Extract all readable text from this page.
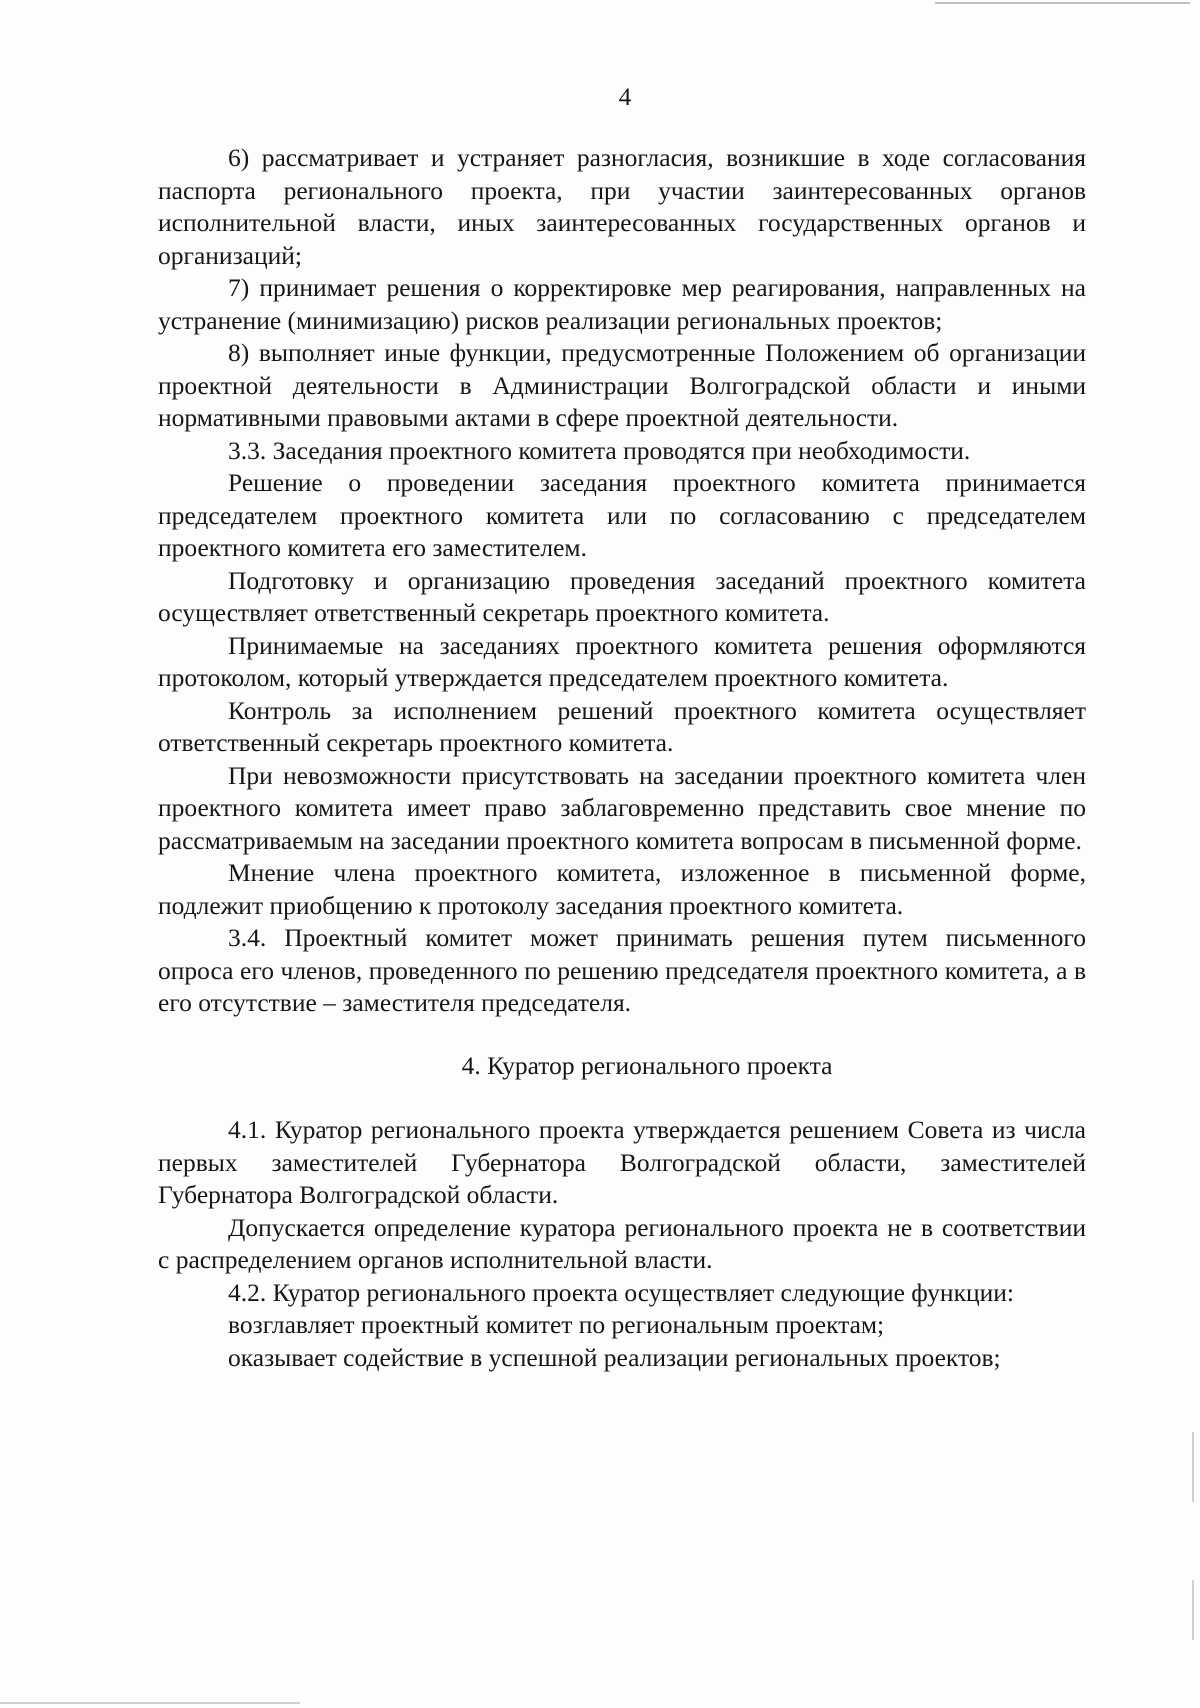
4

6) рассматривает и устраняет разногласия, возникшие в ходе согласования паспорта регионального проекта, при участии заинтересованных органов исполнительной власти, иных заинтересованных государственных органов и организаций;

7) принимает решения о корректировке мер реагирования, направленных на устранение (минимизацию) рисков реализации региональных проектов;

8) выполняет иные функции, предусмотренные Положением об организации проектной деятельности в Администрации Волгоградской области и иными нормативными правовыми актами в сфере проектной деятельности.

3.3. Заседания проектного комитета проводятся при необходимости.

Решение о проведении заседания проектного комитета принимается председателем проектного комитета или по согласованию с председателем проектного комитета его заместителем.

Подготовку и организацию проведения заседаний проектного комитета осуществляет ответственный секретарь проектного комитета.

Принимаемые на заседаниях проектного комитета решения оформляются протоколом, который утверждается председателем проектного комитета.

Контроль за исполнением решений проектного комитета осуществляет ответственный секретарь проектного комитета.

При невозможности присутствовать на заседании проектного комитета член проектного комитета имеет право заблаговременно представить свое мнение по рассматриваемым на заседании проектного комитета вопросам в письменной форме.

Мнение члена проектного комитета, изложенное в письменной форме, подлежит приобщению к протоколу заседания проектного комитета.

3.4. Проектный комитет может принимать решения путем письменного опроса его членов, проведенного по решению председателя проектного комитета, а в его отсутствие – заместителя председателя.

4. Куратор регионального проекта

4.1. Куратор регионального проекта утверждается решением Совета из числа первых заместителей Губернатора Волгоградской области, заместителей Губернатора Волгоградской области.

Допускается определение куратора регионального проекта не в соответствии с распределением органов исполнительной власти.

4.2. Куратор регионального проекта осуществляет следующие функции:

возглавляет проектный комитет по региональным проектам;

оказывает содействие в успешной реализации региональных проектов;
